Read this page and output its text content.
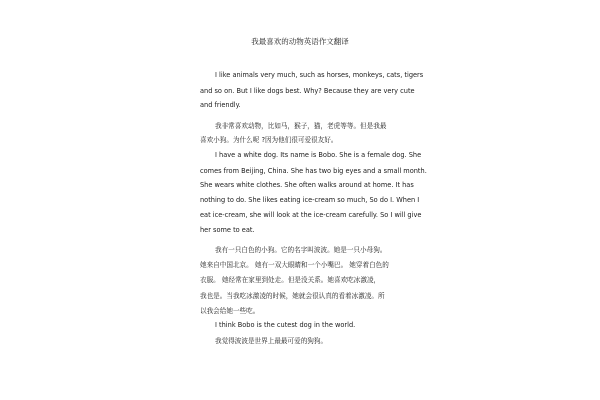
我最喜欢的动物英语作文翻译
I like animals very much, such as horses, monkeys, cats, tigers
and so on. But I like dogs best. Why? Because they are very cute
and friendly.
我非常喜欢动物，比如马，猴子，猫，老虎等等。但是我最
喜欢小狗。为什么呢 ?因为他们很可爱很友好。
I have a white dog. Its name is Bobo. She is a female dog. She
comes from Beijing, China. She has two big eyes and a small month.
She wears white clothes. She often walks around at home. It has
nothing to do. She likes eating ice-cream so much, So do I. When I
eat ice-cream, she will look at the ice-cream carefully. So I will give
her some to eat.
我有一只白色的小狗。它的名字叫波波。她是一只小母狗。
她来自中国北京。 她有一双大眼睛和一个小嘴巴。 她穿着白色的
衣服。 她经常在家里到处走。但是没关系。她喜欢吃冰激凌，
我也是。当我吃冰激凌的时候，她就会很认真的看着冰激凌。所
以我会给她一些吃。
I think Bobo is the cutest dog in the world.
我觉得波波是世界上最最可爱的狗狗。
